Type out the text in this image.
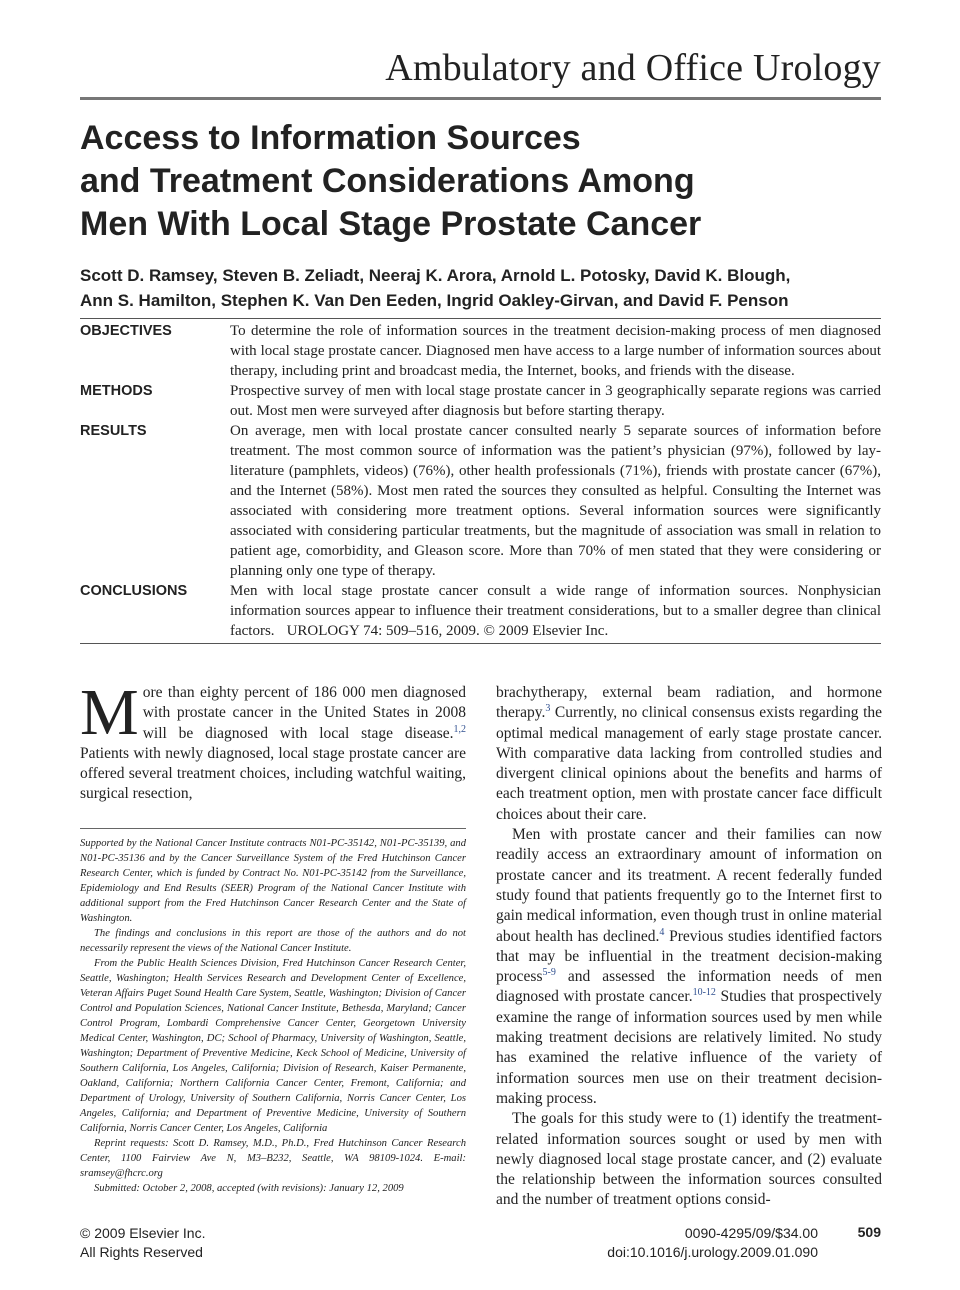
Ambulatory and Office Urology
Access to Information Sources
and Treatment Considerations Among
Men With Local Stage Prostate Cancer
Scott D. Ramsey, Steven B. Zeliadt, Neeraj K. Arora, Arnold L. Potosky, David K. Blough,
Ann S. Hamilton, Stephen K. Van Den Eeden, Ingrid Oakley-Girvan, and David F. Penson
OBJECTIVES	To determine the role of information sources in the treatment decision-making process of men diagnosed with local stage prostate cancer. Diagnosed men have access to a large number of information sources about therapy, including print and broadcast media, the Internet, books, and friends with the disease.
METHODS	Prospective survey of men with local stage prostate cancer in 3 geographically separate regions was carried out. Most men were surveyed after diagnosis but before starting therapy.
RESULTS	On average, men with local prostate cancer consulted nearly 5 separate sources of information before treatment. The most common source of information was the patient’s physician (97%), followed by lay-literature (pamphlets, videos) (76%), other health professionals (71%), friends with prostate cancer (67%), and the Internet (58%). Most men rated the sources they consulted as helpful. Consulting the Internet was associated with considering more treatment options. Several information sources were significantly associated with considering particular treatments, but the magnitude of association was small in relation to patient age, comorbidity, and Gleason score. More than 70% of men stated that they were considering or planning only one type of therapy.
CONCLUSIONS	Men with local stage prostate cancer consult a wide range of information sources. Nonphysician information sources appear to influence their treatment considerations, but to a smaller degree than clinical factors. UROLOGY 74: 509–516, 2009. © 2009 Elsevier Inc.

More than eighty percent of 186 000 men diagnosed with prostate cancer in the United States in 2008 will be diagnosed with local stage disease.$^{1,2}$ Patients with newly diagnosed, local stage prostate cancer are offered several treatment choices, including watchful waiting, surgical resection,

Supported by the National Cancer Institute contracts N01-PC-35142, N01-PC-35139, and N01-PC-35136 and by the Cancer Surveillance System of the Fred Hutchinson Cancer Research Center, which is funded by Contract No. N01-PC-35142 from the Surveillance, Epidemiology and End Results (SEER) Program of the National Cancer Institute with additional support from the Fred Hutchinson Cancer Research Center and the State of Washington.

The findings and conclusions in this report are those of the authors and do not necessarily represent the views of the National Cancer Institute.

From the Public Health Sciences Division, Fred Hutchinson Cancer Research Center, Seattle, Washington; Health Services Research and Development Center of Excellence, Veteran Affairs Puget Sound Health Care System, Seattle, Washington; Division of Cancer Control and Population Sciences, National Cancer Institute, Bethesda, Maryland; Cancer Control Program, Lombardi Comprehensive Cancer Center, Georgetown University Medical Center, Washington, DC; School of Pharmacy, University of Washington, Seattle, Washington; Department of Preventive Medicine, Keck School of Medicine, University of Southern California, Los Angeles, California; Division of Research, Kaiser Permanente, Oakland, California; Northern California Cancer Center, Fremont, California; and Department of Urology, University of Southern California, Norris Cancer Center, Los Angeles, California; and Department of Preventive Medicine, University of Southern California, Norris Cancer Center, Los Angeles, California

Reprint requests: Scott D. Ramsey, M.D., Ph.D., Fred Hutchinson Cancer Research Center, 1100 Fairview Ave N, M3–B232, Seattle, WA 98109-1024. E-mail: sramsey@fhcrc.org

Submitted: October 2, 2008, accepted (with revisions): January 12, 2009

brachytherapy, external beam radiation, and hormone therapy.$^3$ Currently, no clinical consensus exists regarding the optimal medical management of early stage prostate cancer. With comparative data lacking from controlled studies and divergent clinical opinions about the benefits and harms of each treatment option, men with prostate cancer face difficult choices about their care.

Men with prostate cancer and their families can now readily access an extraordinary amount of information on prostate cancer and its treatment. A recent federally funded study found that patients frequently go to the Internet first to gain medical information, even though trust in online material about health has declined.$^4$ Previous studies identified factors that may be influential in the treatment decision-making process$^{5-9}$ and assessed the information needs of men diagnosed with prostate cancer.$^{10-12}$ Studies that prospectively examine the range of information sources used by men while making treatment decisions are relatively limited. No study has examined the relative influence of the variety of information sources men use on their treatment decision-making process.

The goals for this study were to (1) identify the treatment-related information sources sought or used by men with newly diagnosed local stage prostate cancer, and (2) evaluate the relationship between the information sources consulted and the number of treatment options consid-

© 2009 Elsevier Inc.
All Rights Reserved
0090-4295/09/$34.00
doi:10.1016/j.urology.2009.01.090
509
